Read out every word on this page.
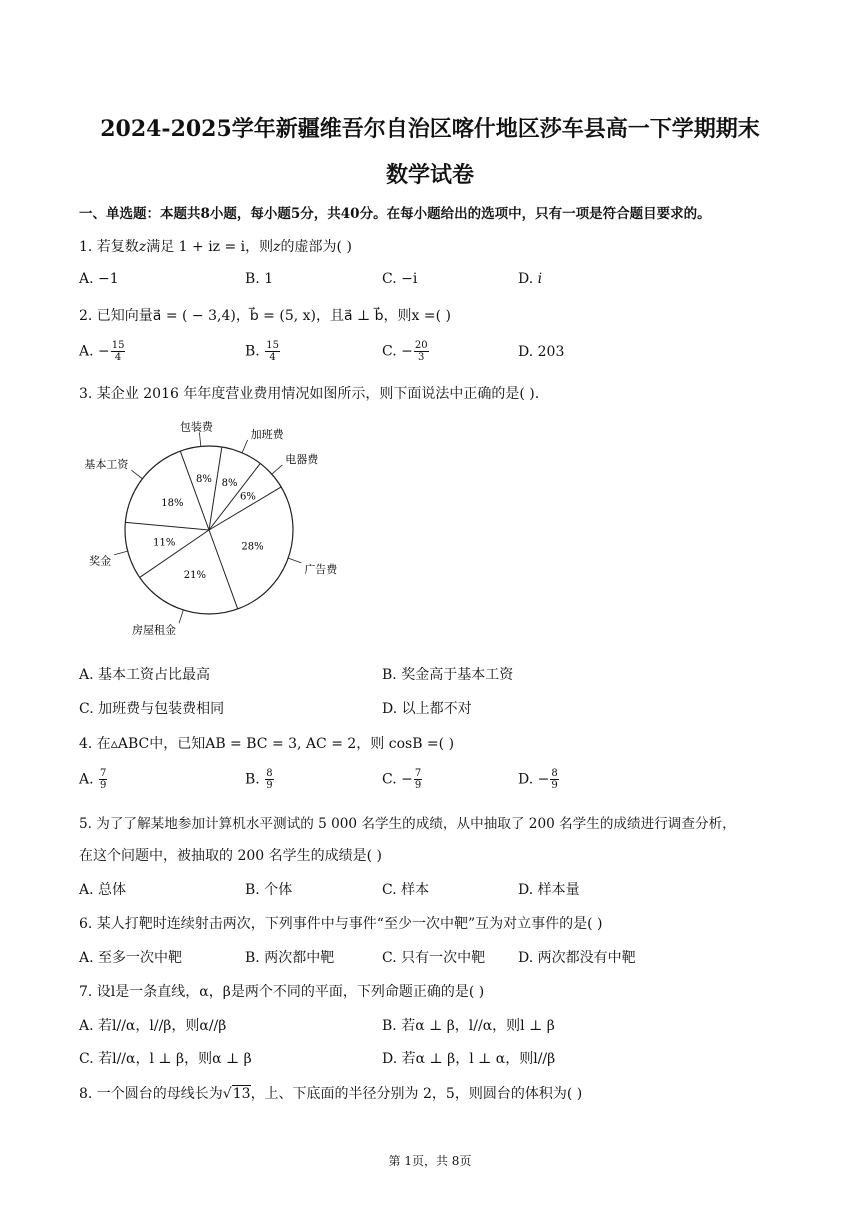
2024-2025学年新疆维吾尔自治区喀什地区莎车县高一下学期期末
数学试卷
一、单选题：本题共8小题，每小题5分，共40分。在每小题给出的选项中，只有一项是符合题目要求的。
1. 若复数z满足 1 + iz = i，则z的虚部为( )
A. −1	B. 1	C. −i	D. i
2. 已知向量a⃗ = ( − 3,4)，b⃗ = (5, x)，且a⃗ ⊥ b⃗，则x =( )
A. − $\frac{15}{4}$	B. $\frac{15}{4}$	C. − $\frac{20}{3}$	D. 203
3. 某企业 2016 年年度营业费用情况如图所示，则下面说法中正确的是( ).
8%
包装费
8%
加班费
6%
电器费
28%
广告费
21%
房屋租金
11%
奖金
18%
基本工资
A. 基本工资占比最高	B. 奖金高于基本工资
C. 加班费与包装费相同	D. 以上都不对
4. 在▵ABC中，已知AB = BC = 3, AC = 2，则 cosB =( )
A. $\frac{7}{9}$	B. $\frac{8}{9}$	C. − $\frac{7}{9}$	D. − $\frac{8}{9}$
5. 为了了解某地参加计算机水平测试的 5 000 名学生的成绩，从中抽取了 200 名学生的成绩进行调查分析，
在这个问题中，被抽取的 200 名学生的成绩是( )
A. 总体	B. 个体	C. 样本	D. 样本量
6. 某人打靶时连续射击两次，下列事件中与事件“至少一次中靶”互为对立事件的是( )
A. 至多一次中靶	B. 两次都中靶	C. 只有一次中靶 D. 两次都没有中靶
7. 设l是一条直线，α，β是两个不同的平面，下列命题正确的是( )
A. 若l//α，l//β，则α//β	B. 若α ⊥ β，l//α，则l ⊥ β
C. 若l//α，l ⊥ β，则α ⊥ β	D. 若α ⊥ β，l ⊥ α，则l//β
8. 一个圆台的母线长为√13，上、下底面的半径分别为 2，5，则圆台的体积为( )
第 1页，共 8页
